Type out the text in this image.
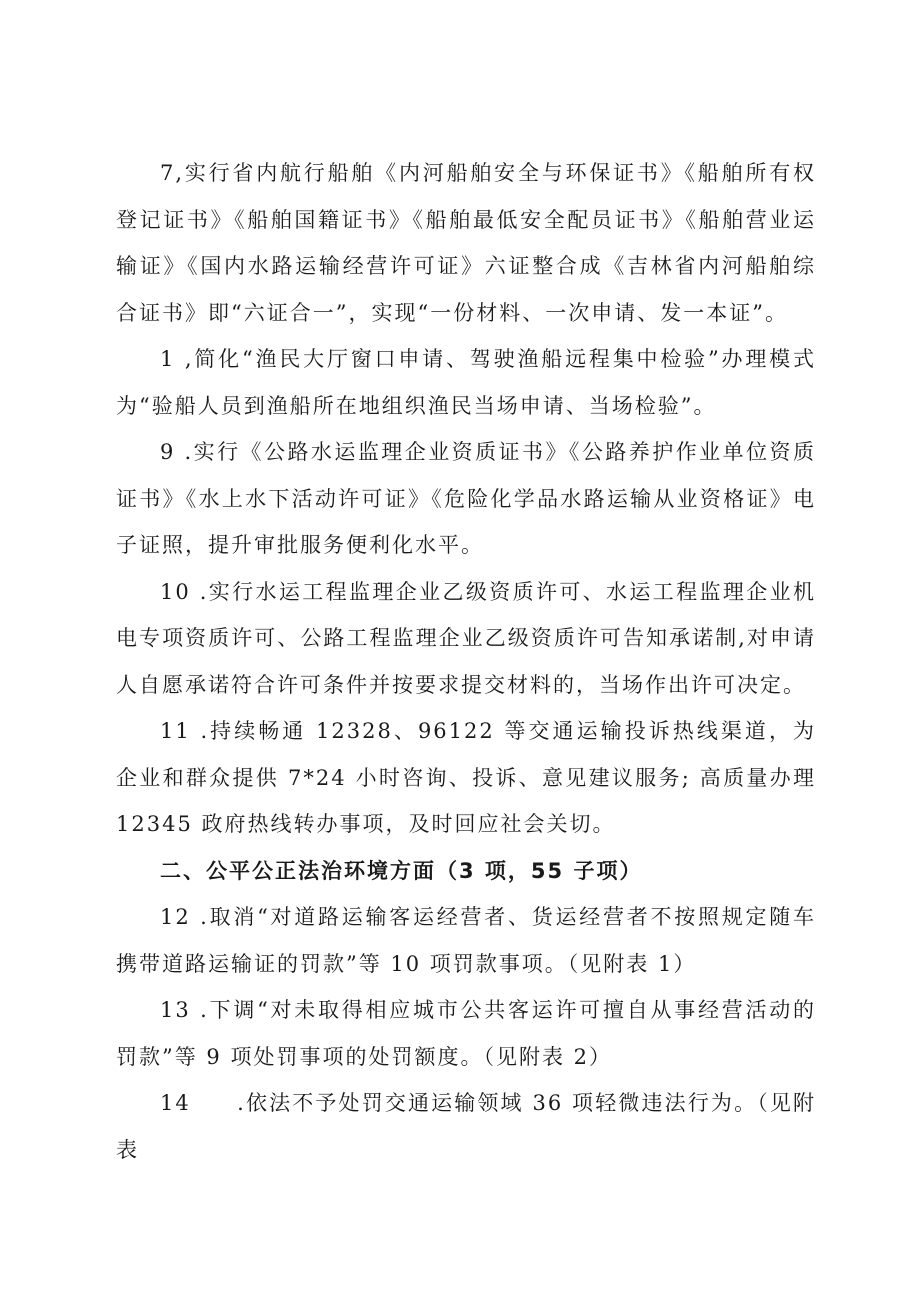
7,实行省内航行船舶《内河船舶安全与环保证书》《船舶所有权登记证书》《船舶国籍证书》《船舶最低安全配员证书》《船舶营业运输证》《国内水路运输经营许可证》六证整合成《吉林省内河船舶综合证书》即“六证合一”，实现“一份材料、一次申请、发一本证”。

1 ,简化“渔民大厅窗口申请、驾驶渔船远程集中检验”办理模式为“验船人员到渔船所在地组织渔民当场申请、当场检验”。

9 .实行《公路水运监理企业资质证书》《公路养护作业单位资质证书》《水上水下活动许可证》《危险化学品水路运输从业资格证》电子证照，提升审批服务便利化水平。

10 .实行水运工程监理企业乙级资质许可、水运工程监理企业机电专项资质许可、公路工程监理企业乙级资质许可告知承诺制,对申请人自愿承诺符合许可条件并按要求提交材料的，当场作出许可决定。

11 .持续畅通 12328、96122 等交通运输投诉热线渠道，为企业和群众提供 7*24 小时咨询、投诉、意见建议服务; 高质量办理 12345 政府热线转办事项，及时回应社会关切。

二、公平公正法治环境方面（3 项，55 子项）

12 .取消“对道路运输客运经营者、货运经营者不按照规定随车携带道路运输证的罚款”等 10 项罚款事项。（见附表 1）

13 .下调“对未取得相应城市公共客运许可擅自从事经营活动的罚款”等 9 项处罚事项的处罚额度。（见附表 2）

14　　.依法不予处罚交通运输领域 36 项轻微违法行为。（见附表
